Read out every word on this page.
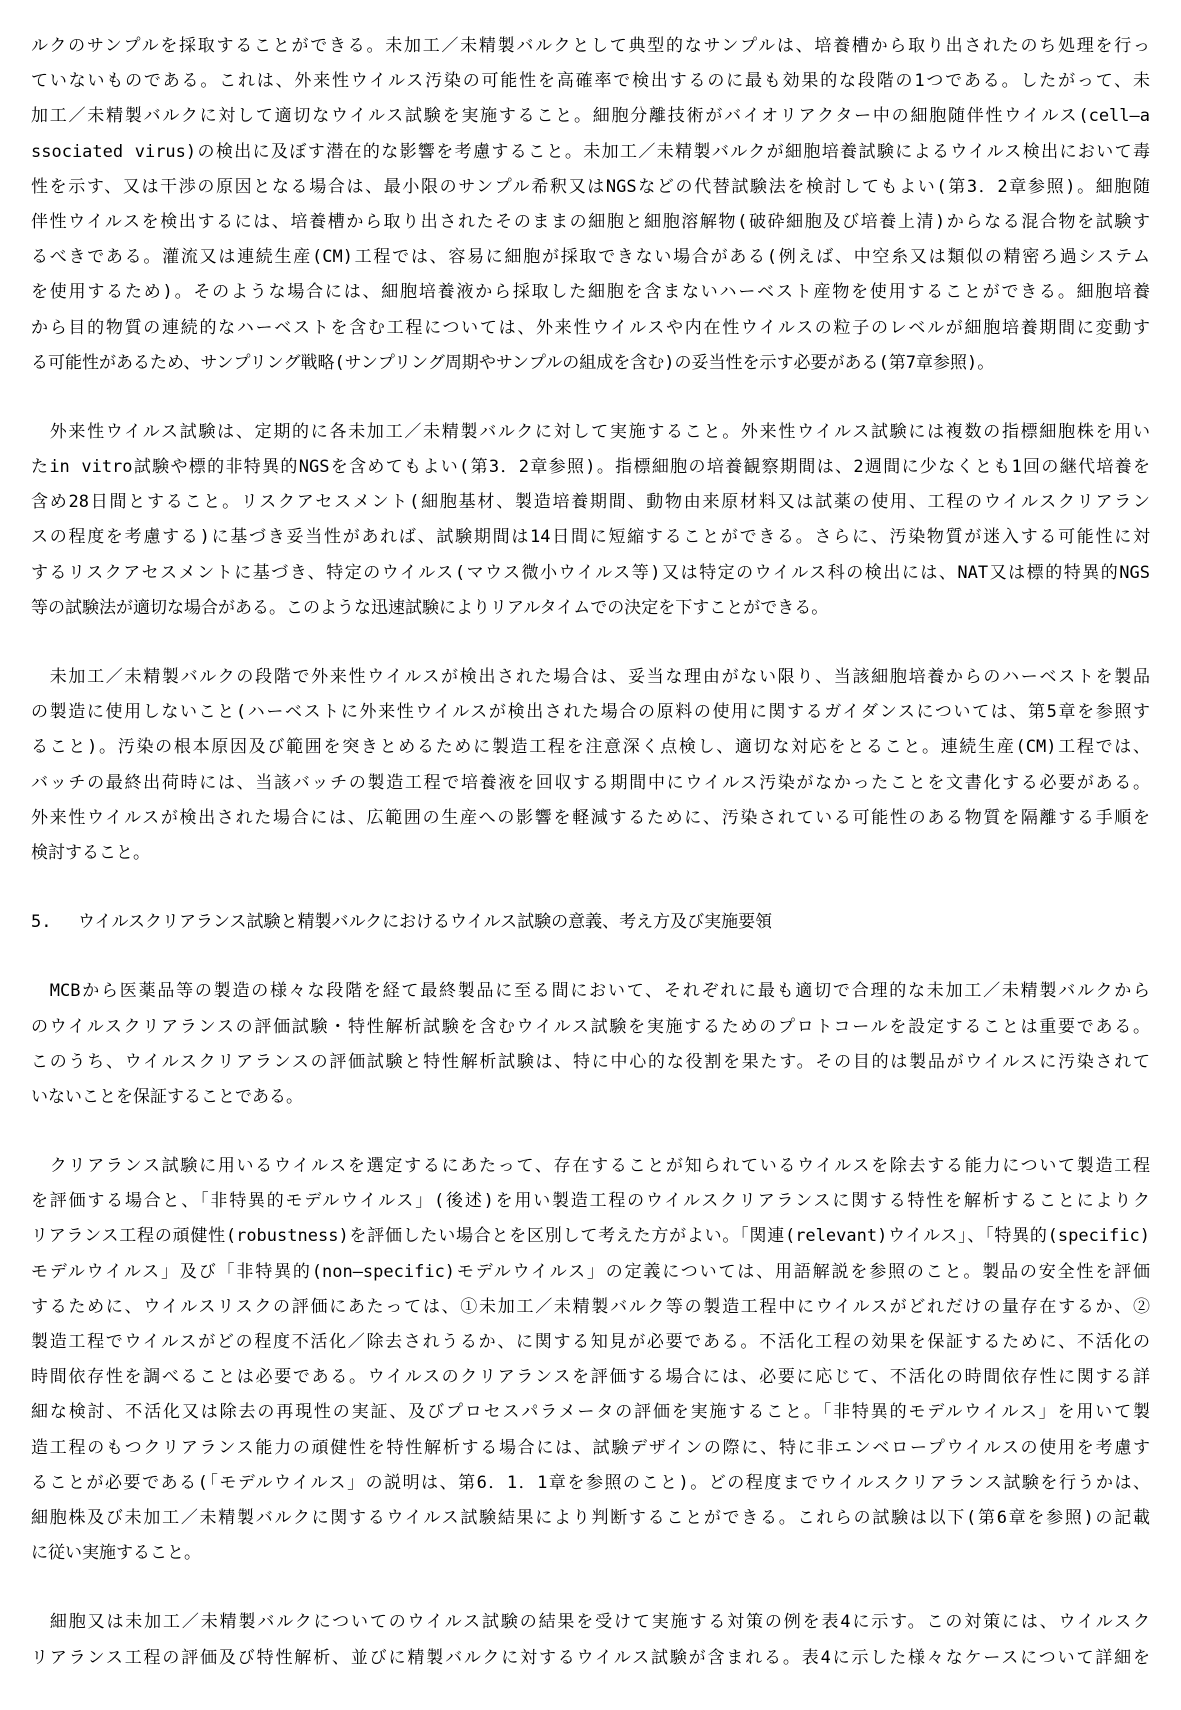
ルクのサンプルを採取することができる。未加工／未精製バルクとして典型的なサンプルは、培養槽から取り出されたのち処理を行っ
ていないものである。これは、外来性ウイルス汚染の可能性を高確率で検出するのに最も効果的な段階の1つである。したがって、未
加工／未精製バルクに対して適切なウイルス試験を実施すること。細胞分離技術がバイオリアクター中の細胞随伴性ウイルス(cell—a
ssociated virus)の検出に及ぼす潜在的な影響を考慮すること。未加工／未精製バルクが細胞培養試験によるウイルス検出において毒
性を示す、又は干渉の原因となる場合は、最小限のサンプル希釈又はNGSなどの代替試験法を検討してもよい(第3．2章参照)。細胞随
伴性ウイルスを検出するには、培養槽から取り出されたそのままの細胞と細胞溶解物(破砕細胞及び培養上清)からなる混合物を試験す
るべきである。灌流又は連続生産(CM)工程では、容易に細胞が採取できない場合がある(例えば、中空糸又は類似の精密ろ過システム
を使用するため)。そのような場合には、細胞培養液から採取した細胞を含まないハーベスト産物を使用することができる。細胞培養
から目的物質の連続的なハーベストを含む工程については、外来性ウイルスや内在性ウイルスの粒子のレベルが細胞培養期間に変動す
る可能性があるため、サンプリング戦略(サンプリング周期やサンプルの組成を含む)の妥当性を示す必要がある(第7章参照)。
　外来性ウイルス試験は、定期的に各未加工／未精製バルクに対して実施すること。外来性ウイルス試験には複数の指標細胞株を用い
たin vitro試験や標的非特異的NGSを含めてもよい(第3．2章参照)。指標細胞の培養観察期間は、2週間に少なくとも1回の継代培養を
含め28日間とすること。リスクアセスメント(細胞基材、製造培養期間、動物由来原材料又は試薬の使用、工程のウイルスクリアラン
スの程度を考慮する)に基づき妥当性があれば、試験期間は14日間に短縮することができる。さらに、汚染物質が迷入する可能性に対
するリスクアセスメントに基づき、特定のウイルス(マウス微小ウイルス等)又は特定のウイルス科の検出には、NAT又は標的特異的NGS
等の試験法が適切な場合がある。このような迅速試験によりリアルタイムでの決定を下すことができる。
　未加工／未精製バルクの段階で外来性ウイルスが検出された場合は、妥当な理由がない限り、当該細胞培養からのハーベストを製品
の製造に使用しないこと(ハーベストに外来性ウイルスが検出された場合の原料の使用に関するガイダンスについては、第5章を参照す
ること)。汚染の根本原因及び範囲を突きとめるために製造工程を注意深く点検し、適切な対応をとること。連続生産(CM)工程では、
バッチの最終出荷時には、当該バッチの製造工程で培養液を回収する期間中にウイルス汚染がなかったことを文書化する必要がある。
外来性ウイルスが検出された場合には、広範囲の生産への影響を軽減するために、汚染されている可能性のある物質を隔離する手順を
検討すること。
5. ウイルスクリアランス試験と精製バルクにおけるウイルス試験の意義、考え方及び実施要領
　MCBから医薬品等の製造の様々な段階を経て最終製品に至る間において、それぞれに最も適切で合理的な未加工／未精製バルクから
のウイルスクリアランスの評価試験・特性解析試験を含むウイルス試験を実施するためのプロトコールを設定することは重要である。
このうち、ウイルスクリアランスの評価試験と特性解析試験は、特に中心的な役割を果たす。その目的は製品がウイルスに汚染されて
いないことを保証することである。
　クリアランス試験に用いるウイルスを選定するにあたって、存在することが知られているウイルスを除去する能力について製造工程
を評価する場合と、「非特異的モデルウイルス」(後述)を用い製造工程のウイルスクリアランスに関する特性を解析することによりク
リアランス工程の頑健性(robustness)を評価したい場合とを区別して考えた方がよい。「関連(relevant)ウイルス」、「特異的(specific)
モデルウイルス」及び「非特異的(non—specific)モデルウイルス」の定義については、用語解説を参照のこと。製品の安全性を評価
するために、ウイルスリスクの評価にあたっては、①未加工／未精製バルク等の製造工程中にウイルスがどれだけの量存在するか、②
製造工程でウイルスがどの程度不活化／除去されうるか、に関する知見が必要である。不活化工程の効果を保証するために、不活化の
時間依存性を調べることは必要である。ウイルスのクリアランスを評価する場合には、必要に応じて、不活化の時間依存性に関する詳
細な検討、不活化又は除去の再現性の実証、及びプロセスパラメータの評価を実施すること。「非特異的モデルウイルス」を用いて製
造工程のもつクリアランス能力の頑健性を特性解析する場合には、試験デザインの際に、特に非エンベロープウイルスの使用を考慮す
ることが必要である(「モデルウイルス」の説明は、第6．1．1章を参照のこと)。どの程度までウイルスクリアランス試験を行うかは、
細胞株及び未加工／未精製バルクに関するウイルス試験結果により判断することができる。これらの試験は以下(第6章を参照)の記載
に従い実施すること。
　細胞又は未加工／未精製バルクについてのウイルス試験の結果を受けて実施する対策の例を表4に示す。この対策には、ウイルスク
リアランス工程の評価及び特性解析、並びに精製バルクに対するウイルス試験が含まれる。表4に示した様々なケースについて詳細を
